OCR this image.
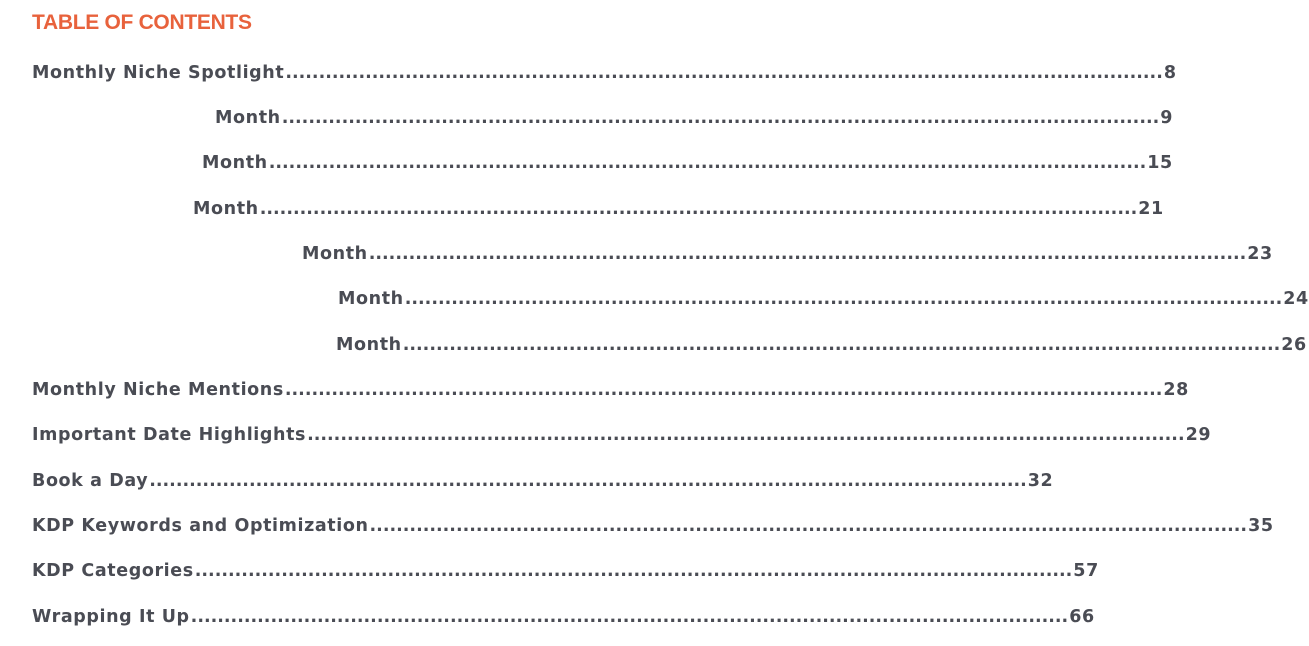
TABLE OF CONTENTS
Monthly Niche Spotlight .................................................................................................................................... 8
Month .................................................................................................................................... 9
Month .................................................................................................................................... 15
Month .................................................................................................................................... 21
Month .................................................................................................................................... 23
Month .................................................................................................................................... 24
Month .................................................................................................................................... 26
Monthly Niche Mentions .................................................................................................................................... 28
Important Date Highlights .................................................................................................................................... 29
Book a Day .................................................................................................................................... 32
KDP Keywords and Optimization .................................................................................................................................... 35
KDP Categories .................................................................................................................................... 57
Wrapping It Up .................................................................................................................................... 66
